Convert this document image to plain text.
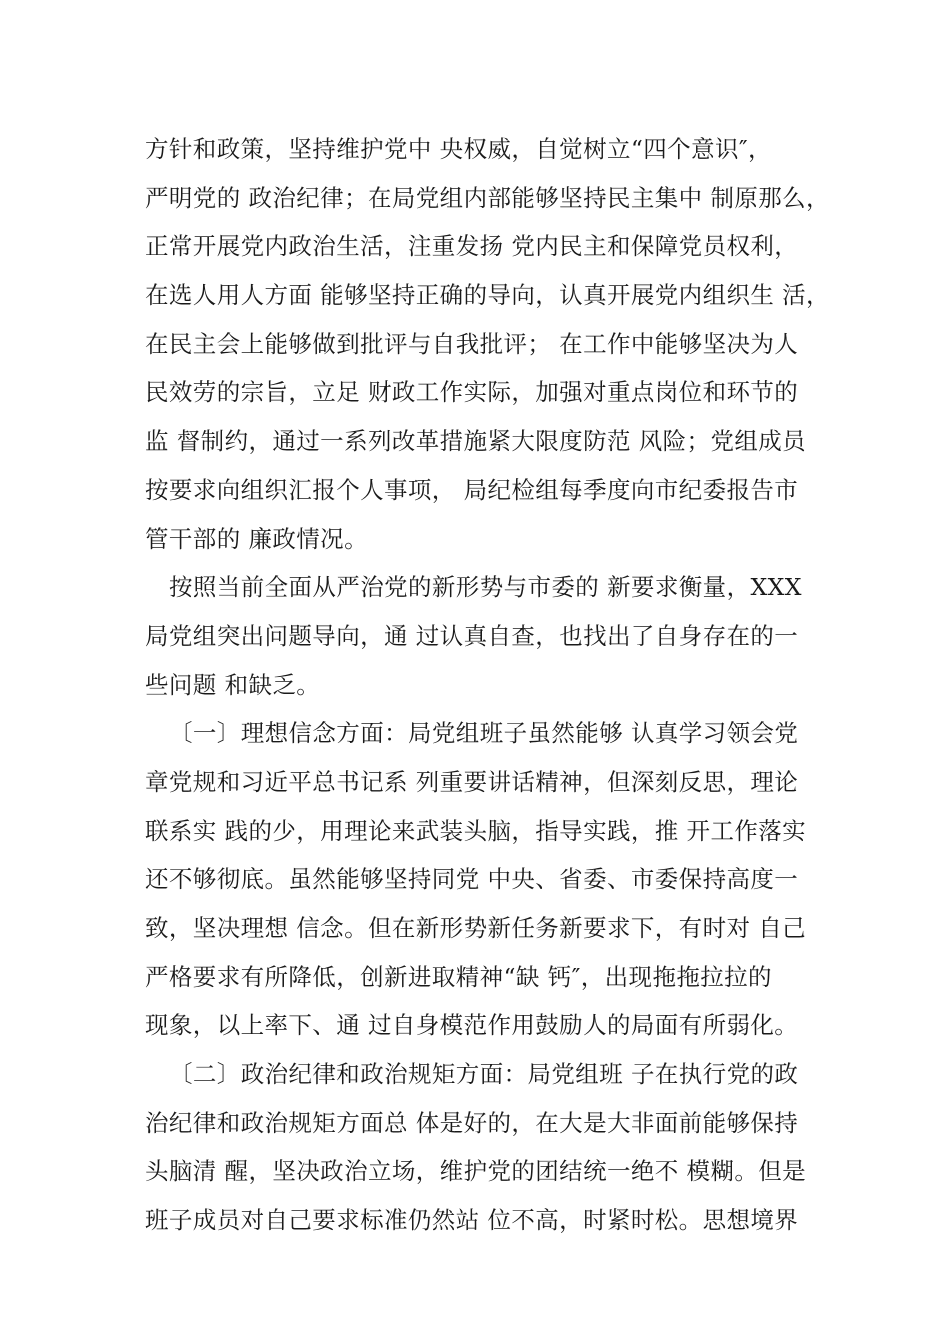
方针和政策，坚持维护党中 央权威，自觉树立“四个意识″，
严明党的 政治纪律；在局党组内部能够坚持民主集中 制原那么，
正常开展党内政治生活，注重发扬 党内民主和保障党员权利，
在选人用人方面 能够坚持正确的导向，认真开展党内组织生 活，
在民主会上能够做到批评与自我批评； 在工作中能够坚决为人
民效劳的宗旨，立足 财政工作实际，加强对重点岗位和环节的
监 督制约，通过一系列改革措施紧大限度防范 风险；党组成员
按要求向组织汇报个人事项， 局纪检组每季度向市纪委报告市
管干部的 廉政情况。
按照当前全面从严治党的新形势与市委的 新要求衡量，XXX
局党组突出问题导向，通 过认真自查，也找出了自身存在的一
些问题 和缺乏。
〔一〕理想信念方面：局党组班子虽然能够 认真学习领会党
章党规和习近平总书记系 列重要讲话精神，但深刻反思，理论
联系实 践的少，用理论来武装头脑，指导实践，推 开工作落实
还不够彻底。虽然能够坚持同党 中央、省委、市委保持高度一
致，坚决理想 信念。但在新形势新任务新要求下，有时对 自己
严格要求有所降低，创新进取精神“缺 钙″，出现拖拖拉拉的
现象，以上率下、通 过自身模范作用鼓励人的局面有所弱化。
〔二〕政治纪律和政治规矩方面：局党组班 子在执行党的政
治纪律和政治规矩方面总 体是好的，在大是大非面前能够保持
头脑清 醒，坚决政治立场，维护党的团结统一绝不 模糊。但是
班子成员对自己要求标准仍然站 位不高，时紧时松。思想境界
